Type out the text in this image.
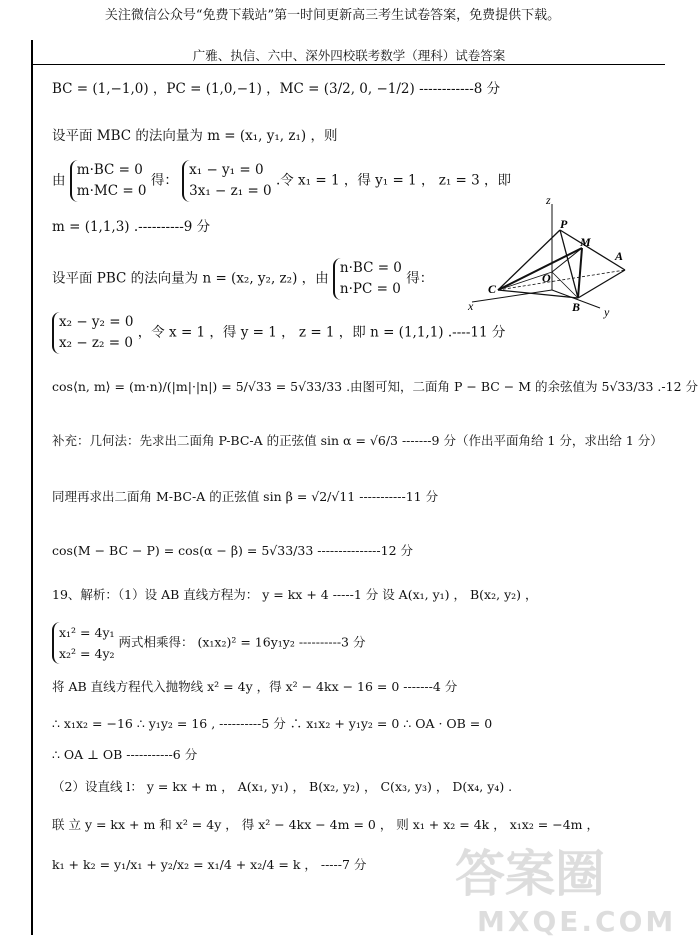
关注微信公众号“免费下载站”第一时间更新高三考生试卷答案，免费提供下载。
广雅、执信、六中、深外四校联考数学（理科）试卷答案
BC = (1,−1,0) ，PC = (1,0,−1) ，MC = (3/2, 0, −1/2) ------------8 分
设平面 MBC 的法向量为 m = (x₁, y₁, z₁) ，则
由 m·BC = 0
m·MC = 0 得： x₁ − y₁ = 0
3x₁ − z₁ = 0 .令 x₁ = 1 ，得 y₁ = 1 ， z₁ = 3 ，即
m = (1,1,3) .----------9 分
设平面 PBC 的法向量为 n = (x₂, y₂, z₂) ，由 n·BC = 0
n·PC = 0 得：
x₂ − y₂ = 0
x₂ − z₂ = 0 ，令 x = 1 ，得 y = 1 ， z = 1 ，即 n = (1,1,1) .----11 分
cos⟨n, m⟩ = (m·n)/(|m|·|n|) = 5/√33 = 5√33/33 .由图可知，二面角 P − BC − M 的余弦值为 5√33/33 .-12 分
补充：几何法：先求出二面角 P-BC-A 的正弦值 sin α = √6/3 -------9 分（作出平面角给 1 分，求出给 1 分）
同理再求出二面角 M-BC-A 的正弦值 sin β = √2/√11 -----------11 分
cos(M − BC − P) = cos(α − β) = 5√33/33 ---------------12 分
19、解析：（1）设 AB 直线方程为： y = kx + 4 -----1 分 设 A(x₁, y₁) ， B(x₂, y₂) ，
x₁² = 4y₁
x₂² = 4y₂ 两式相乘得： (x₁x₂)² = 16y₁y₂ ----------3 分
将 AB 直线方程代入抛物线 x² = 4y ，得 x² − 4kx − 16 = 0 -------4 分
∴ x₁x₂ = −16 ∴ y₁y₂ = 16 , ----------5 分 ∴ x₁x₂ + y₁y₂ = 0 ∴ OA · OB = 0
∴ OA ⊥ OB -----------6 分
（2）设直线 l： y = kx + m ， A(x₁, y₁) ， B(x₂, y₂) ， C(x₃, y₃) ， D(x₄, y₄) .
联 立 y = kx + m 和 x² = 4y ， 得 x² − 4kx − 4m = 0 ， 则 x₁ + x₂ = 4k ， x₁x₂ = −4m ，
k₁ + k₂ = y₁/x₁ + y₂/x₂ = x₁/4 + x₂/4 = k ， -----7 分
z
P
M
A
O
C
B
x	y
答案圈
MXQE.COM
